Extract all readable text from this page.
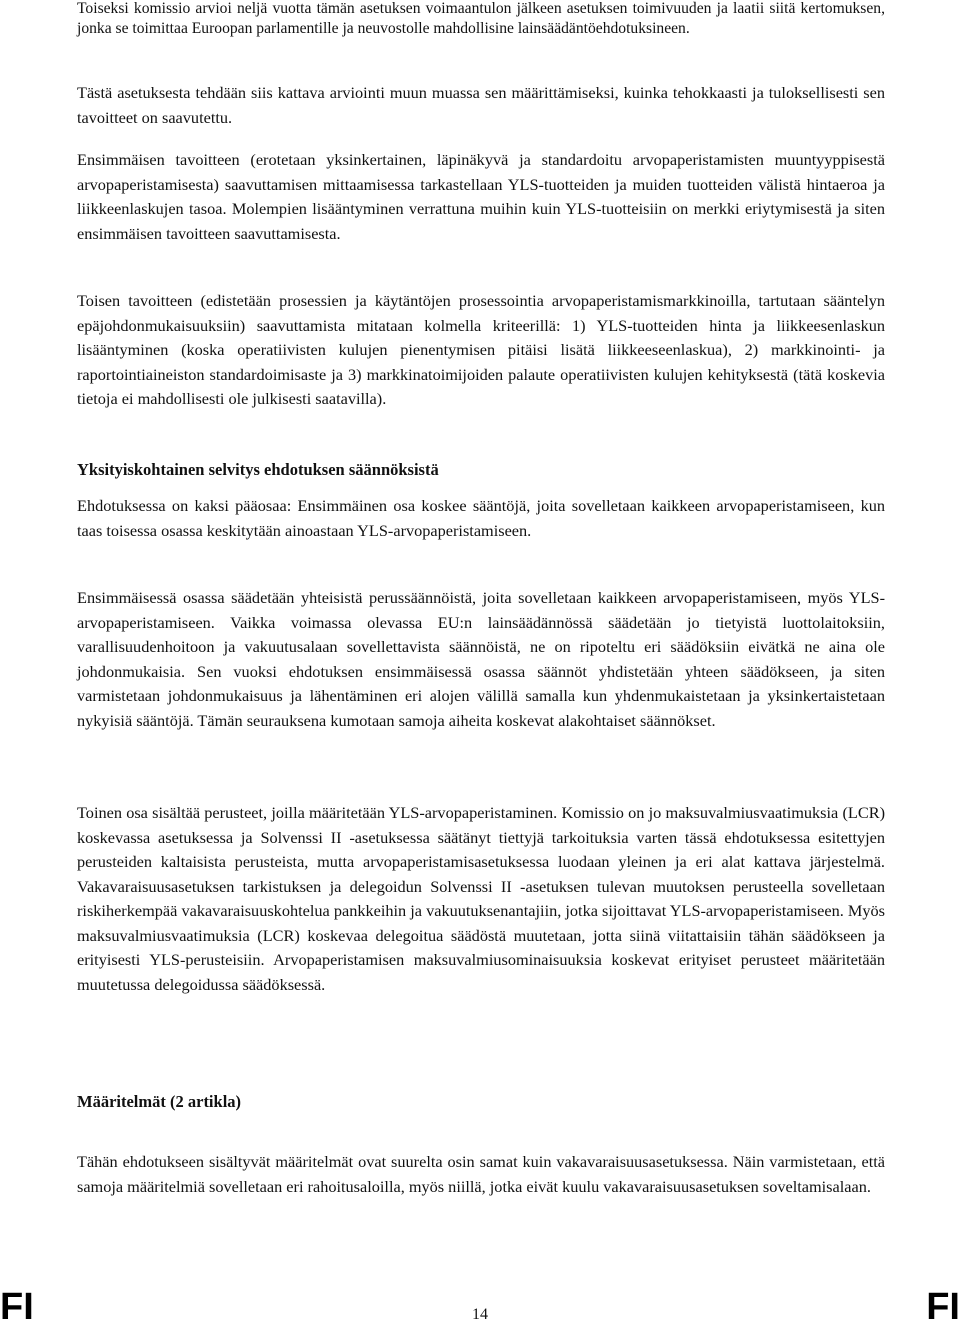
Toiseksi komissio arvioi neljä vuotta tämän asetuksen voimaantulon jälkeen asetuksen toimivuuden ja laatii siitä kertomuksen, jonka se toimittaa Euroopan parlamentille ja neuvostolle mahdollisine lainsäädäntöehdotuksineen.

Tästä asetuksesta tehdään siis kattava arviointi muun muassa sen määrittämiseksi, kuinka tehokkaasti ja tuloksellisesti sen tavoitteet on saavutettu.

Ensimmäisen tavoitteen (erotetaan yksinkertainen, läpinäkyvä ja standardoitu arvopaperistamisten muuntyyppisestä arvopaperistamisesta) saavuttamisen mittaamisessa tarkastellaan YLS-tuotteiden ja muiden tuotteiden välistä hintaeroa ja liikkeenlaskujen tasoa. Molempien lisääntyminen verrattuna muihin kuin YLS-tuotteisiin on merkki eriytymisestä ja siten ensimmäisen tavoitteen saavuttamisesta.

Toisen tavoitteen (edistetään prosessien ja käytäntöjen prosessointia arvopaperistamismarkkinoilla, tartutaan sääntelyn epäjohdonmukaisuuksiin) saavuttamista mitataan kolmella kriteerillä: 1) YLS-tuotteiden hinta ja liikkeesenlaskun lisääntyminen (koska operatiivisten kulujen pienentymisen pitäisi lisätä liikkeeseenlaskua), 2) markkinointi- ja raportointiaineiston standardoimisaste ja 3) markkinatoimijoiden palaute operatiivisten kulujen kehityksestä (tätä koskevia tietoja ei mahdollisesti ole julkisesti saatavilla).

Yksityiskohtainen selvitys ehdotuksen säännöksistä

Ehdotuksessa on kaksi pääosaa: Ensimmäinen osa koskee sääntöjä, joita sovelletaan kaikkeen arvopaperistamiseen, kun taas toisessa osassa keskitytään ainoastaan YLS-arvopaperistamiseen.

Ensimmäisessä osassa säädetään yhteisistä perussäännöistä, joita sovelletaan kaikkeen arvopaperistamiseen, myös YLS-arvopaperistamiseen. Vaikka voimassa olevassa EU:n lainsäädännössä säädetään jo tietyistä luottolaitoksiin, varallisuudenhoitoon ja vakuutusalaan sovellettavista säännöistä, ne on ripoteltu eri säädöksiin eivätkä ne aina ole johdonmukaisia. Sen vuoksi ehdotuksen ensimmäisessä osassa säännöt yhdistetään yhteen säädökseen, ja siten varmistetaan johdonmukaisuus ja lähentäminen eri alojen välillä samalla kun yhdenmukaistetaan ja yksinkertaistetaan nykyisiä sääntöjä. Tämän seurauksena kumotaan samoja aiheita koskevat alakohtaiset säännökset.

Toinen osa sisältää perusteet, joilla määritetään YLS-arvopaperistaminen. Komissio on jo maksuvalmiusvaatimuksia (LCR) koskevassa asetuksessa ja Solvenssi II -asetuksessa säätänyt tiettyjä tarkoituksia varten tässä ehdotuksessa esitettyjen perusteiden kaltaisista perusteista, mutta arvopaperistamisasetuksessa luodaan yleinen ja eri alat kattava järjestelmä. Vakavaraisuusasetuksen tarkistuksen ja delegoidun Solvenssi II -asetuksen tulevan muutoksen perusteella sovelletaan riskiherkempää vakavaraisuuskohtelua pankkeihin ja vakuutuksenantajiin, jotka sijoittavat YLS-arvopaperistamiseen. Myös maksuvalmiusvaatimuksia (LCR) koskevaa delegoitua säädöstä muutetaan, jotta siinä viitattaisiin tähän säädökseen ja erityisesti YLS-perusteisiin. Arvopaperistamisen maksuvalmiusominaisuuksia koskevat erityiset perusteet määritetään muutetussa delegoidussa säädöksessä.

Määritelmät (2 artikla)

Tähän ehdotukseen sisältyvät määritelmät ovat suurelta osin samat kuin vakavaraisuusasetuksessa. Näin varmistetaan, että samoja määritelmiä sovelletaan eri rahoitusaloilla, myös niillä, jotka eivät kuulu vakavaraisuusasetuksen soveltamisalaan.

FI	14	FI
